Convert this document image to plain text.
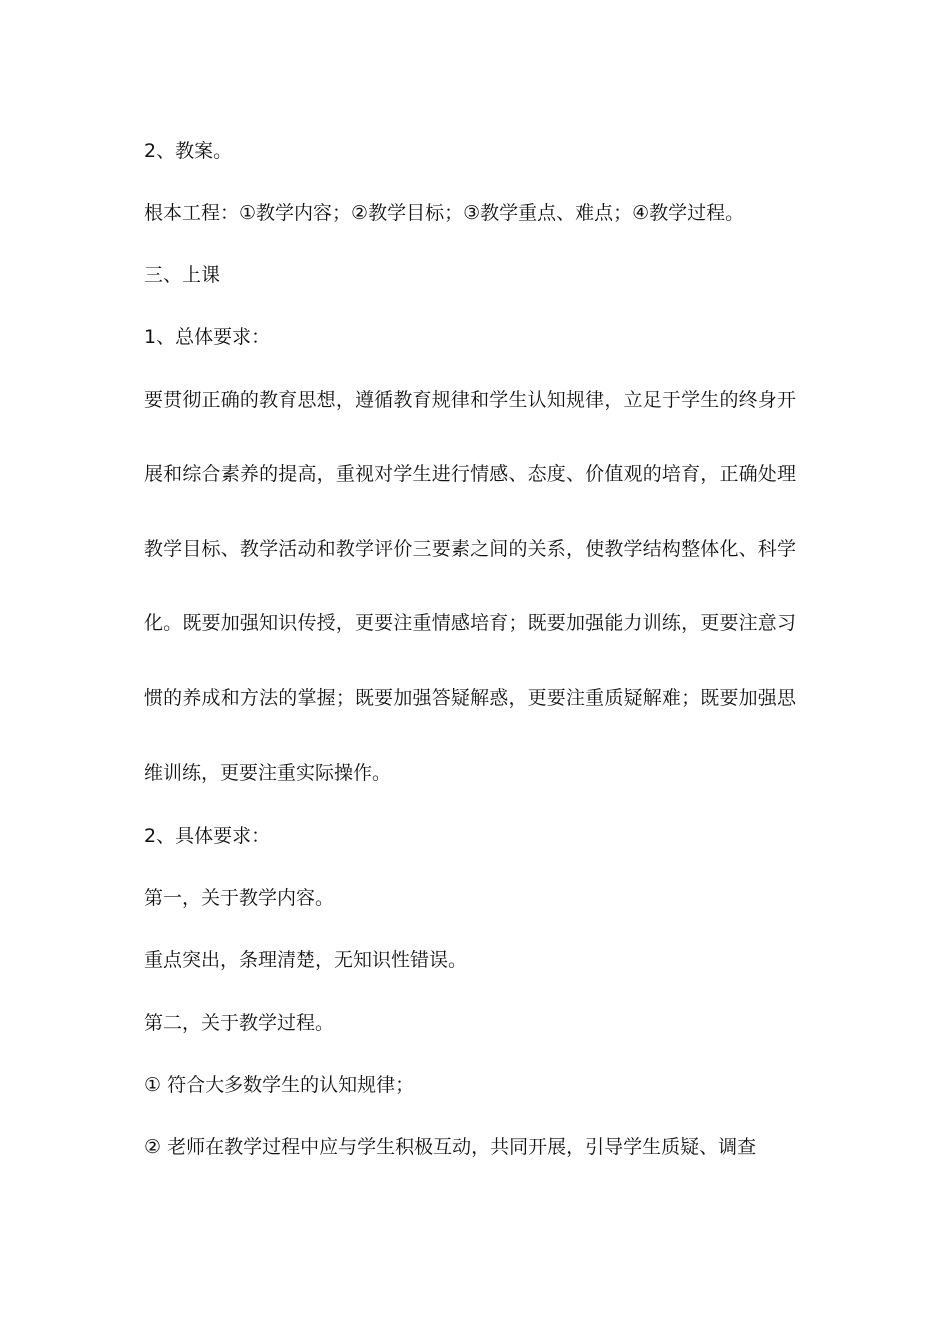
2、教案。
根本工程：①教学内容；②教学目标；③教学重点、难点；④教学过程。
三、上课
1、总体要求：
要贯彻正确的教育思想，遵循教育规律和学生认知规律，立足于学生的终身开
展和综合素养的提高，重视对学生进行情感、态度、价值观的培育，正确处理
教学目标、教学活动和教学评价三要素之间的关系，使教学结构整体化、科学
化。既要加强知识传授，更要注重情感培育；既要加强能力训练，更要注意习
惯的养成和方法的掌握；既要加强答疑解惑，更要注重质疑解难；既要加强思
维训练，更要注重实际操作。
2、具体要求：
第一，关于教学内容。
重点突出，条理清楚，无知识性错误。
第二，关于教学过程。
① 符合大多数学生的认知规律；
② 老师在教学过程中应与学生积极互动，共同开展，引导学生质疑、调查
